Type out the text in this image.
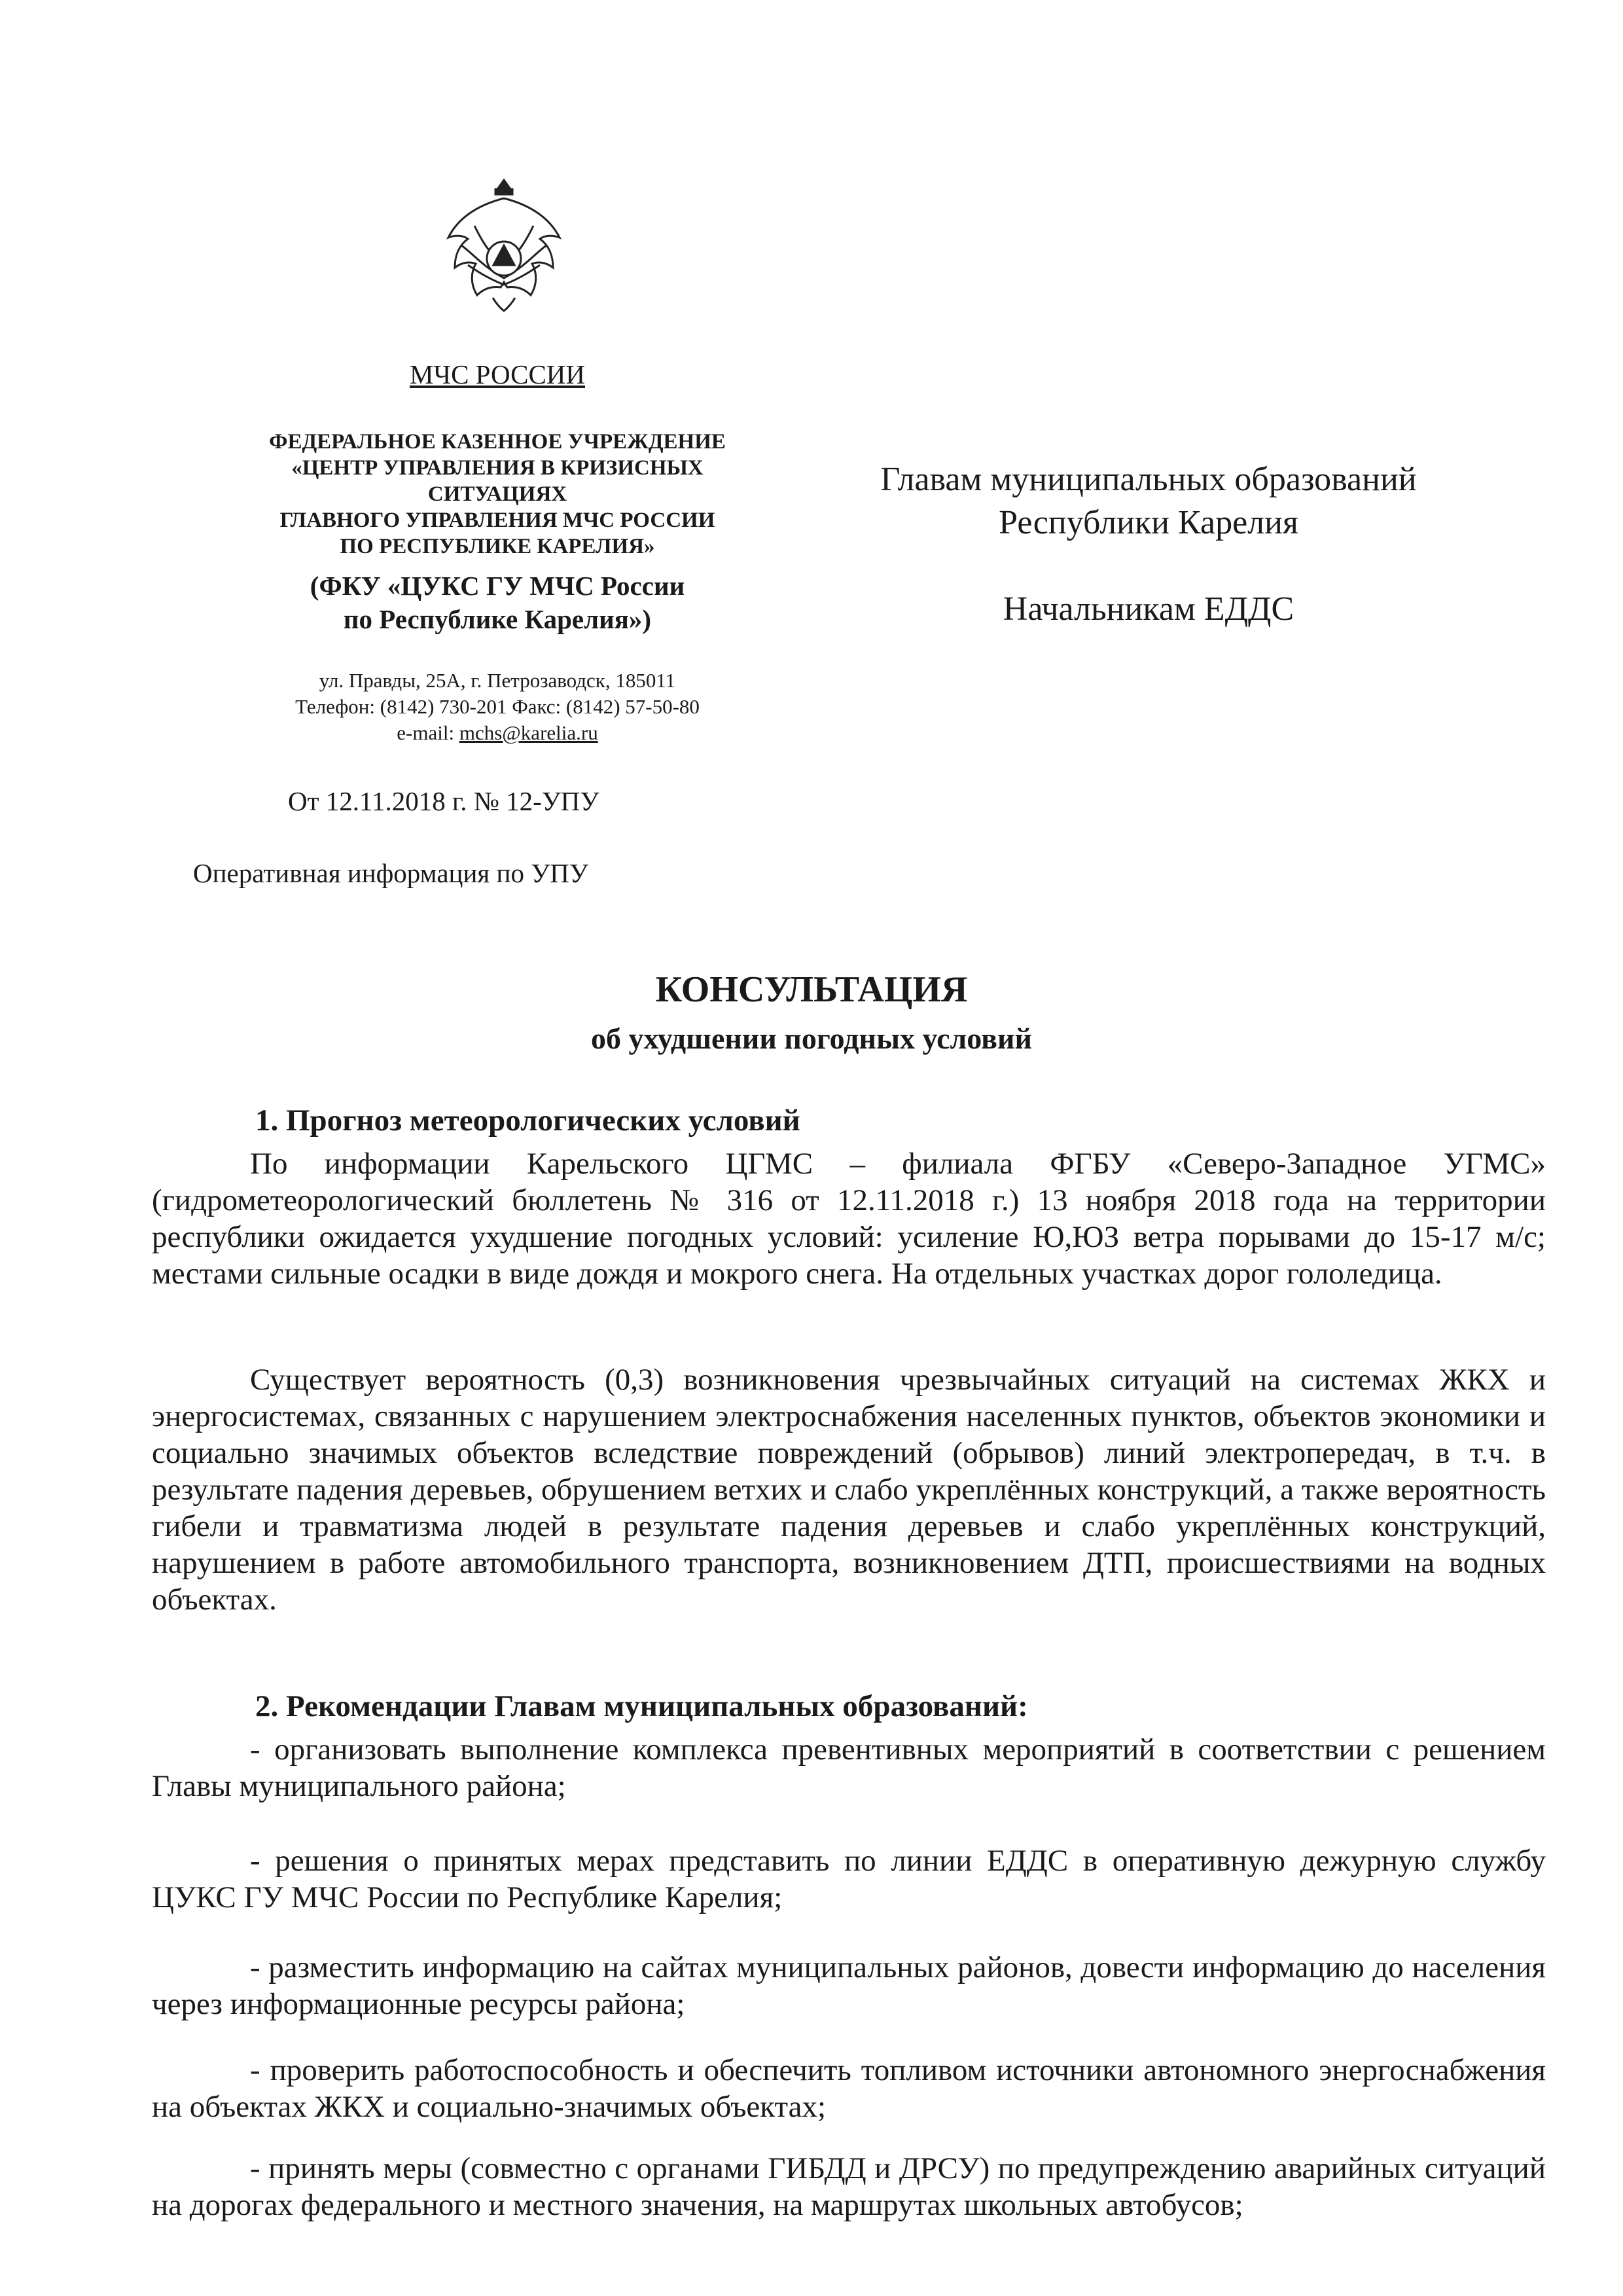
МЧС РОССИИ
ФЕДЕРАЛЬНОЕ КАЗЕННОЕ УЧРЕЖДЕНИЕ
«ЦЕНТР УПРАВЛЕНИЯ В КРИЗИСНЫХ
СИТУАЦИЯХ
ГЛАВНОГО УПРАВЛЕНИЯ МЧС РОССИИ
ПО РЕСПУБЛИКЕ КАРЕЛИЯ»
(ФКУ «ЦУКС ГУ МЧС России
по Республике Карелия»)
ул. Правды, 25А, г. Петрозаводск, 185011
Телефон: (8142) 730-201 Факс: (8142) 57-50-80
e-mail: mchs@karelia.ru
От 12.11.2018 г. № 12-УПУ
Оперативная информация по УПУ

Главам муниципальных образований

Республики Карелия

Начальникам ЕДДС

КОНСУЛЬТАЦИЯ
об ухудшении погодных условий
1. Прогноз метеорологических условий

По информации Карельского ЦГМС – филиала ФГБУ «Северо-Западное УГМС» (гидрометеорологический бюллетень № 316 от 12.11.2018 г.) 13 ноября 2018 года на территории республики ожидается ухудшение погодных условий: усиление Ю,ЮЗ ветра порывами до 15-17 м/с; местами сильные осадки в виде дождя и мокрого снега. На отдельных участках дорог гололедица.

Существует вероятность (0,3) возникновения чрезвычайных ситуаций на системах ЖКХ и энергосистемах, связанных с нарушением электроснабжения населенных пунктов, объектов экономики и социально значимых объектов вследствие повреждений (обрывов) линий электропередач, в т.ч. в результате падения деревьев, обрушением ветхих и слабо укреплённых конструкций, а также вероятность гибели и травматизма людей в результате падения деревьев и слабо укреплённых конструкций, нарушением в работе автомобильного транспорта, возникновением ДТП, происшествиями на водных объектах.

2. Рекомендации Главам муниципальных образований:

- организовать выполнение комплекса превентивных мероприятий в соответствии с решением Главы муниципального района;

- решения о принятых мерах представить по линии ЕДДС в оперативную дежурную службу ЦУКС ГУ МЧС России по Республике Карелия;

- разместить информацию на сайтах муниципальных районов, довести информацию до населения через информационные ресурсы района;

- проверить работоспособность и обеспечить топливом источники автономного энергоснабжения на объектах ЖКХ и социально-значимых объектах;

- принять меры (совместно с органами ГИБДД и ДРСУ) по предупреждению аварийных ситуаций на дорогах федерального и местного значения, на маршрутах школьных автобусов;
